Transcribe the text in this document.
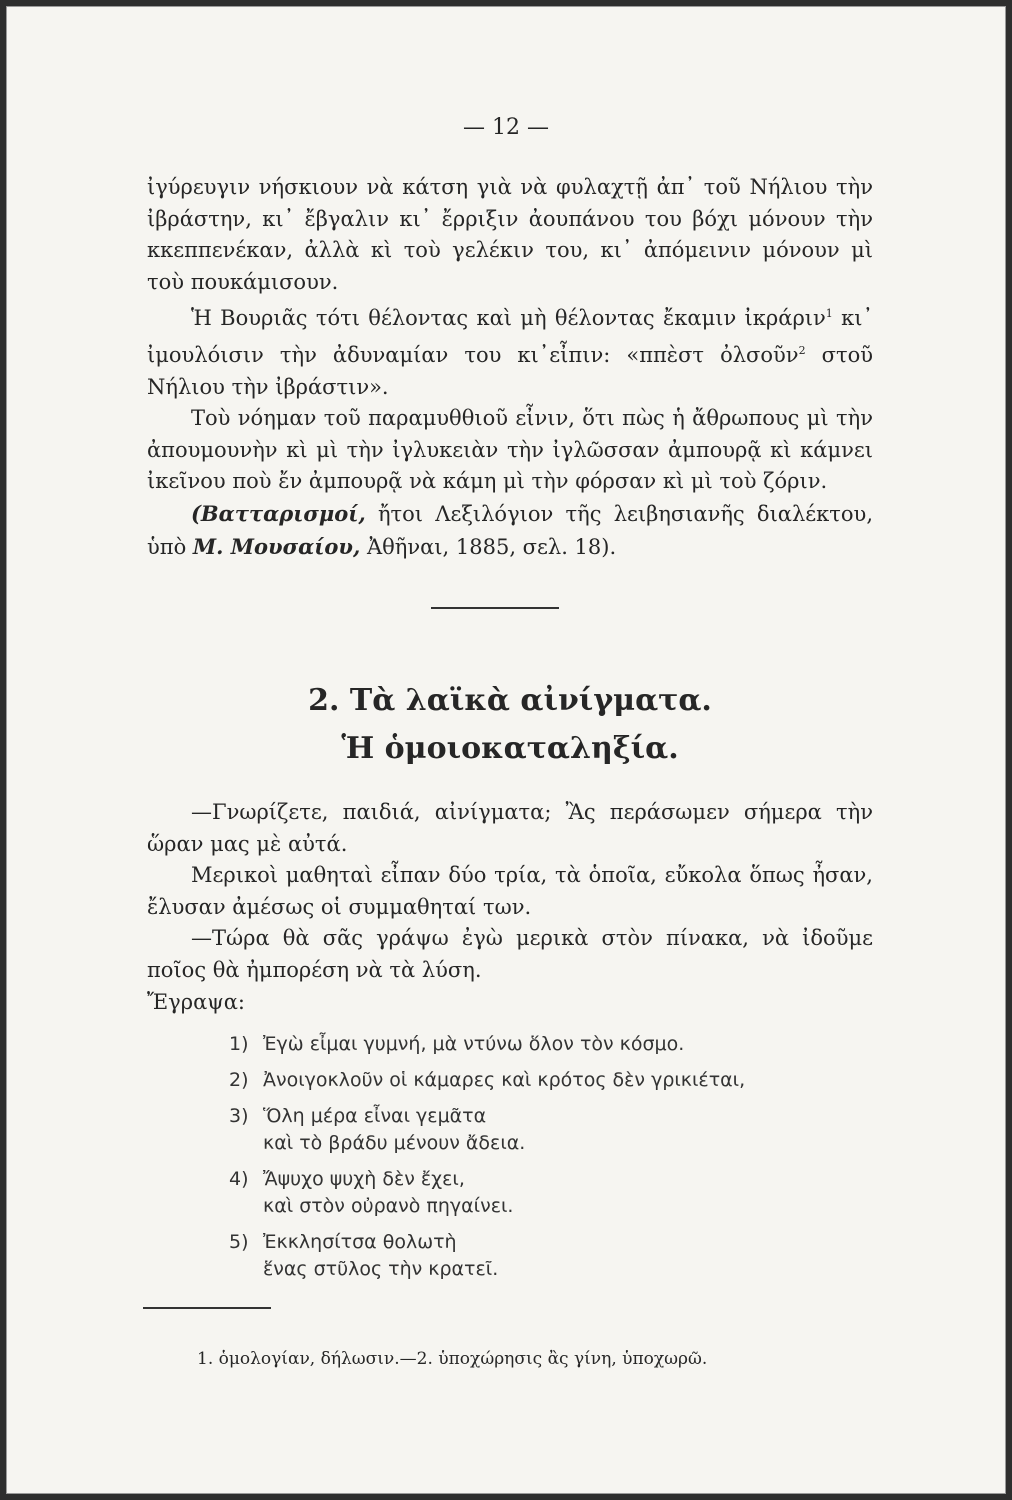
— 12 —

ἰγύρευγιν νήσκιουν νὰ κάτση γιὰ νὰ φυλαχτῇ ἀπ᾽ τοῦ Νήλιου τὴν ἰβράστην, κι᾽ ἔβγαλιν κι᾽ ἔρριξιν ἀουπάνου του βόχι μόνουν τὴν κκεππενέκαν, ἀλλὰ κὶ τοὺ γελέκιν του, κι᾽ ἀπόμεινιν μόνουν μὶ τοὺ πουκάμισουν.

Ἡ Βουριᾶς τότι θέλοντας καὶ μὴ θέλοντας ἔκαμιν ἰκράριν$^1$ κι᾽ ἰμουλόισιν τὴν ἀδυναμίαν του κι᾽εἶπιν: «ππὲστ ὀλσοῦν$^2$ στοῦ Νήλιου τὴν ἰβράστιν».

Τοὺ νόημαν τοῦ παραμυθθιοῦ εἶνιν, ὅτι πὼς ἡ ἄθρωπους μὶ τὴν ἀπουμουνὴν κὶ μὶ τὴν ἰγλυκειὰν τὴν ἰγλῶσσαν ἀμπουρᾷ κὶ κάμνει ἰκεῖνου ποὺ ἔν ἀμπουρᾷ νὰ κάμη μὶ τὴν φόρσαν κὶ μὶ τοὺ ζόριν.

(Βατταρισμοί, ἤτοι Λεξιλόγιον τῆς λειβησιανῆς διαλέκτου, ὑπὸ Μ. Μουσαίου, Ἀθῆναι, 1885, σελ. 18).

2. Τὰ λαϊκὰ αἰνίγματα.
Ἡ ὁμοιοκαταληξία.

—Γνωρίζετε, παιδιά, αἰνίγματα; Ἂς περάσωμεν σήμερα τὴν ὥραν μας μὲ αὐτά.

Μερικοὶ μαθηταὶ εἶπαν δύο τρία, τὰ ὁποῖα, εὔκολα ὅπως ἦσαν, ἔλυσαν ἀμέσως οἱ συμμαθηταί των.

—Τώρα θὰ σᾶς γράψω ἐγὼ μερικὰ στὸν πίνακα, νὰ ἰδοῦμε ποῖος θὰ ἠμπορέση νὰ τὰ λύση.

Ἔγραψα:

1) Ἐγὼ εἶμαι γυμνή, μὰ ντύνω ὅλον τὸν κόσμο.
2) Ἀνοιγοκλοῦν οἱ κάμαρες καὶ κρότος δὲν γρικιέται,
3) Ὅλη μέρα εἶναι γεμᾶτα
καὶ τὸ βράδυ μένουν ἄδεια.
4) Ἄψυχο ψυχὴ δὲν ἔχει,
καὶ στὸν οὐρανὸ πηγαίνει.
5) Ἐκκλησίτσα θολωτὴ
ἕνας στῦλος τὴν κρατεῖ.
1. ὁμολογίαν, δήλωσιν.—2. ὑποχώρησις ἂς γίνη, ὑποχωρῶ.
